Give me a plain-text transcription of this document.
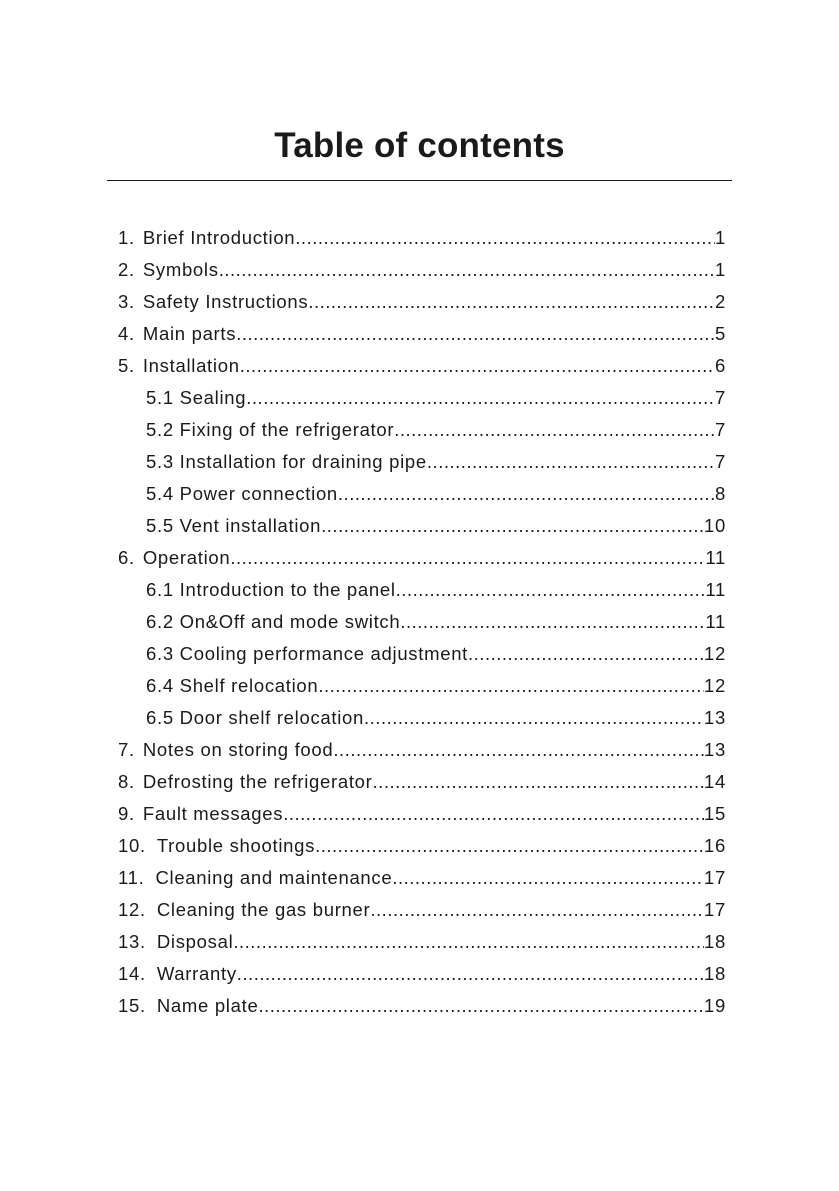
Table of contents
1. Brief Introduction .....	1
2. Symbols .....	1
3. Safety Instructions .....	2
4. Main parts .....	5
5. Installation .....	6
5.1 Sealing .....	7
5.2 Fixing of the refrigerator .....	7
5.3 Installation for draining pipe .....	7
5.4 Power connection .....	8
5.5 Vent installation .....	10
6. Operation .....	11
6.1 Introduction to the panel .....	11
6.2 On&Off and mode switch .....	11
6.3 Cooling performance adjustment .....	12
6.4 Shelf relocation .....	12
6.5 Door shelf relocation .....	13
7. Notes on storing food .....	13
8. Defrosting the refrigerator .....	14
9. Fault messages .....	15
10. Trouble shootings .....	16
11. Cleaning and maintenance .....	17
12. Cleaning the gas burner .....	17
13. Disposal .....	18
14. Warranty .....	18
15. Name plate .....	19
